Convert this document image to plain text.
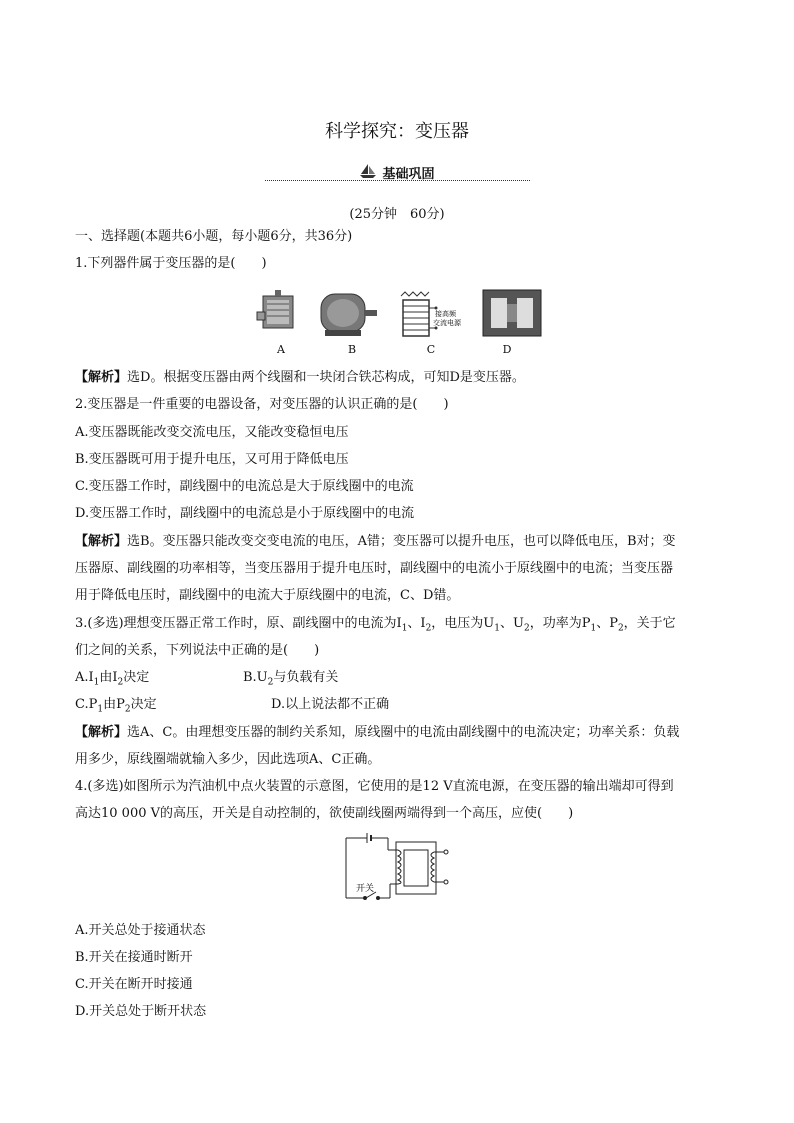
科学探究：变压器
基础巩固
(25分钟　60分)
一、选择题(本题共6小题，每小题6分，共36分)
1.下列器件属于变压器的是(　　)
接高频
交流电源
A	B	C	D
【解析】选D。根据变压器由两个线圈和一块闭合铁芯构成，可知D是变压器。
2.变压器是一件重要的电器设备，对变压器的认识正确的是(　　)
A.变压器既能改变交流电压，又能改变稳恒电压
B.变压器既可用于提升电压，又可用于降低电压
C.变压器工作时，副线圈中的电流总是大于原线圈中的电流
D.变压器工作时，副线圈中的电流总是小于原线圈中的电流
【解析】选B。变压器只能改变交变电流的电压，A错；变压器可以提升电压，也可以降低电压，B对；变
压器原、副线圈的功率相等，当变压器用于提升电压时，副线圈中的电流小于原线圈中的电流；当变压器
用于降低电压时，副线圈中的电流大于原线圈中的电流，C、D错。
3.(多选)理想变压器正常工作时，原、副线圈中的电流为$I_1$、$I_2$，电压为$U_1$、$U_2$，功率为$P_1$、$P_2$，关于它
们之间的关系，下列说法中正确的是(　　)
$A.I_1$由$I_2$决定	$B.U_2$与负载有关
$C.P_1$由$P_2$决定	D.以上说法都不正确
【解析】选A、C。由理想变压器的制约关系知，原线圈中的电流由副线圈中的电流决定；功率关系：负载
用多少，原线圈端就输入多少，因此选项A、C正确。
4.(多选)如图所示为汽油机中点火装置的示意图，它使用的是12 V直流电源，在变压器的输出端却可得到
高达10 000 V的高压，开关是自动控制的，欲使副线圈两端得到一个高压，应使(　　)
开关
A.开关总处于接通状态
B.开关在接通时断开
C.开关在断开时接通
D.开关总处于断开状态
